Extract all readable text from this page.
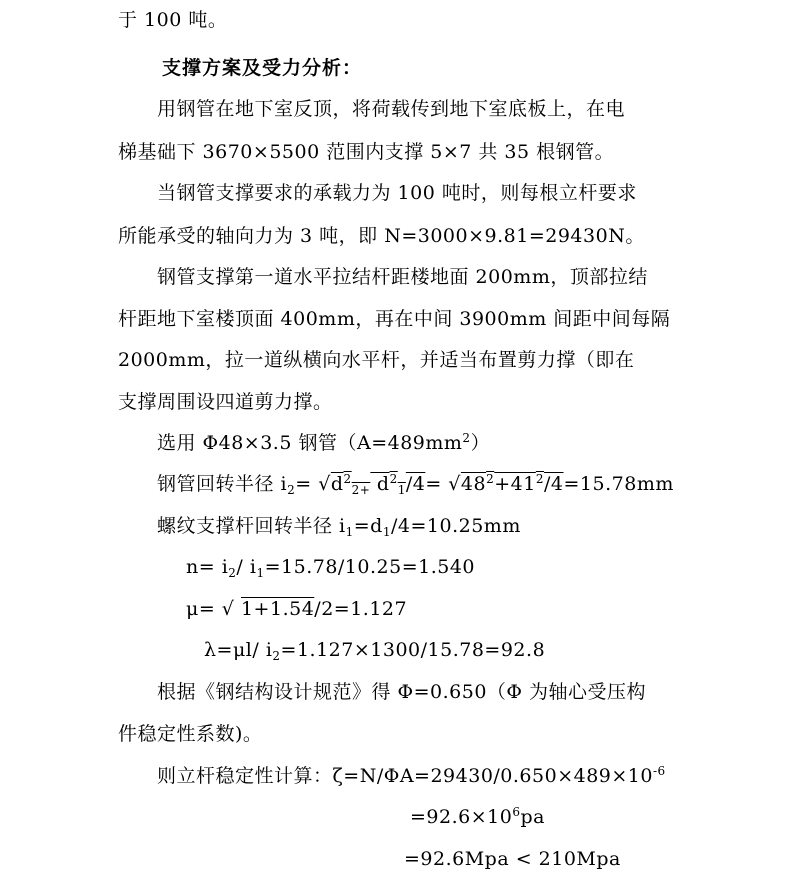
于 100 吨。
支撑方案及受力分析：
用钢管在地下室反顶，将荷载传到地下室底板上，在电
梯基础下 3670×5500 范围内支撑 5×7 共 35 根钢管。
当钢管支撑要求的承载力为 100 吨时，则每根立杆要求
所能承受的轴向力为 3 吨，即 N=3000×9.81=29430N。
钢管支撑第一道水平拉结杆距楼地面 200mm，顶部拉结
杆距地下室楼顶面 400mm，再在中间 3900mm 间距中间每隔
2000mm，拉一道纵横向水平杆，并适当布置剪力撑（即在
支撑周围设四道剪力撑。
选用 Φ48×3.5 钢管$(A=489mm^2)$
钢管回转半径 $i_2= √d^2_{2+}$ $d^2_1/4= √48^2+41^2/4=15.78mm$
螺纹支撑杆回转半径 $i_1=d_1/4=10.25mm$
$n= i_2/$ $i_1=15.78/10.25=1.540$
μ= √ 1+1.54/2=1.127
λ=μl/ $i_2=1.127\times 1300/15.78=92.8$
根据《钢结构设计规范》得 Φ=0.650（Φ 为轴心受压构
件稳定性系数)。
则立杆稳定性计算：$\zeta=N/\Phi A=29430/0.650\times 489\times 10^{-6}$
$=92.6\times 10^6pa$
=92.6Mpa < 210Mpa
